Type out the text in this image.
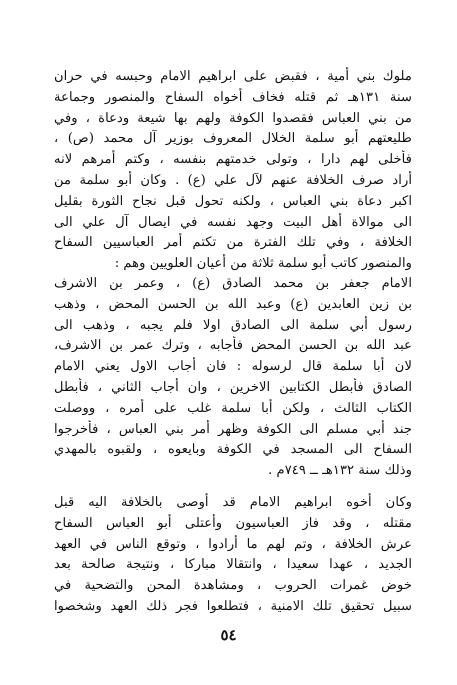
ملوك بني أمية ، فقبض على ابراهيم الامام وحبسه في حران
سنة ١٣١هـ ثم قتله فخاف أخواه السفاح والمنصور وجماعة
من بني العباس فقصدوا الكوفة ولهم بها شيعة ودعاة ، وفي
طليعتهم أبو سلمة الخلال المعروف بوزير آل محمد (ص) ،
فأخلى لهم دارا ، وتولى خدمتهم بنفسه ، وكتم أمرهم لانه
أراد صرف الخلافة عنهم لآل علي (ع) . وكان أبو سلمة من
اكبر دعاة بني العباس ، ولكنه تحول قبل نجاح الثورة بقليل
الى موالاة أهل البيت وجهد نفسه في ايصال آل علي الى
الخلافة ، وفي تلك الفترة من تكتم أمر العباسيين السفاح
والمنصور كاتب أبو سلمة ثلاثة من أعيان العلويين وهم :
الامام جعفر بن محمد الصادق (ع) ، وعمر بن الاشرف
بن زين العابدين (ع) وعبد الله بن الحسن المحض ، وذهب
رسول أبي سلمة الى الصادق اولا فلم يجبه ، وذهب الى
عبد الله بن الحسن المحض فأجابه ، وترك عمر بن الاشرف،
لان أبا سلمة قال لرسوله : فان أجاب الاول يعني الامام
الصادق فأبطل الكتابين الاخرين ، وان أجاب الثاني ، فأبطل
الكتاب الثالث ، ولكن أبا سلمة غلب على أمره ، ووصلت
جند أبي مسلم الى الكوفة وظهر أمر بني العباس ، فأخرجوا
السفاح الى المسجد في الكوفة وبايعوه ، ولقبوه بالمهدي
وذلك سنة ١٣٢هـ ــ ٧٤٩م .
وكان أخوه ابراهيم الامام قد أوصى بالخلافة اليه قبل
مقتله ، وقد فاز العباسيون وأعتلى أبو العباس السفاح
عرش الخلافة ، وتم لهم ما أرادوا ، وتوقع الناس في العهد
الجديد ، عهدا سعيدا ، وانتقالا مباركا ، ونتيجة صالحة بعد
خوض غمرات الحروب ، ومشاهدة المحن والتضحية في
سبيل تحقيق تلك الامنية ، فتطلعوا فجر ذلك العهد وشخصوا
٥٤
